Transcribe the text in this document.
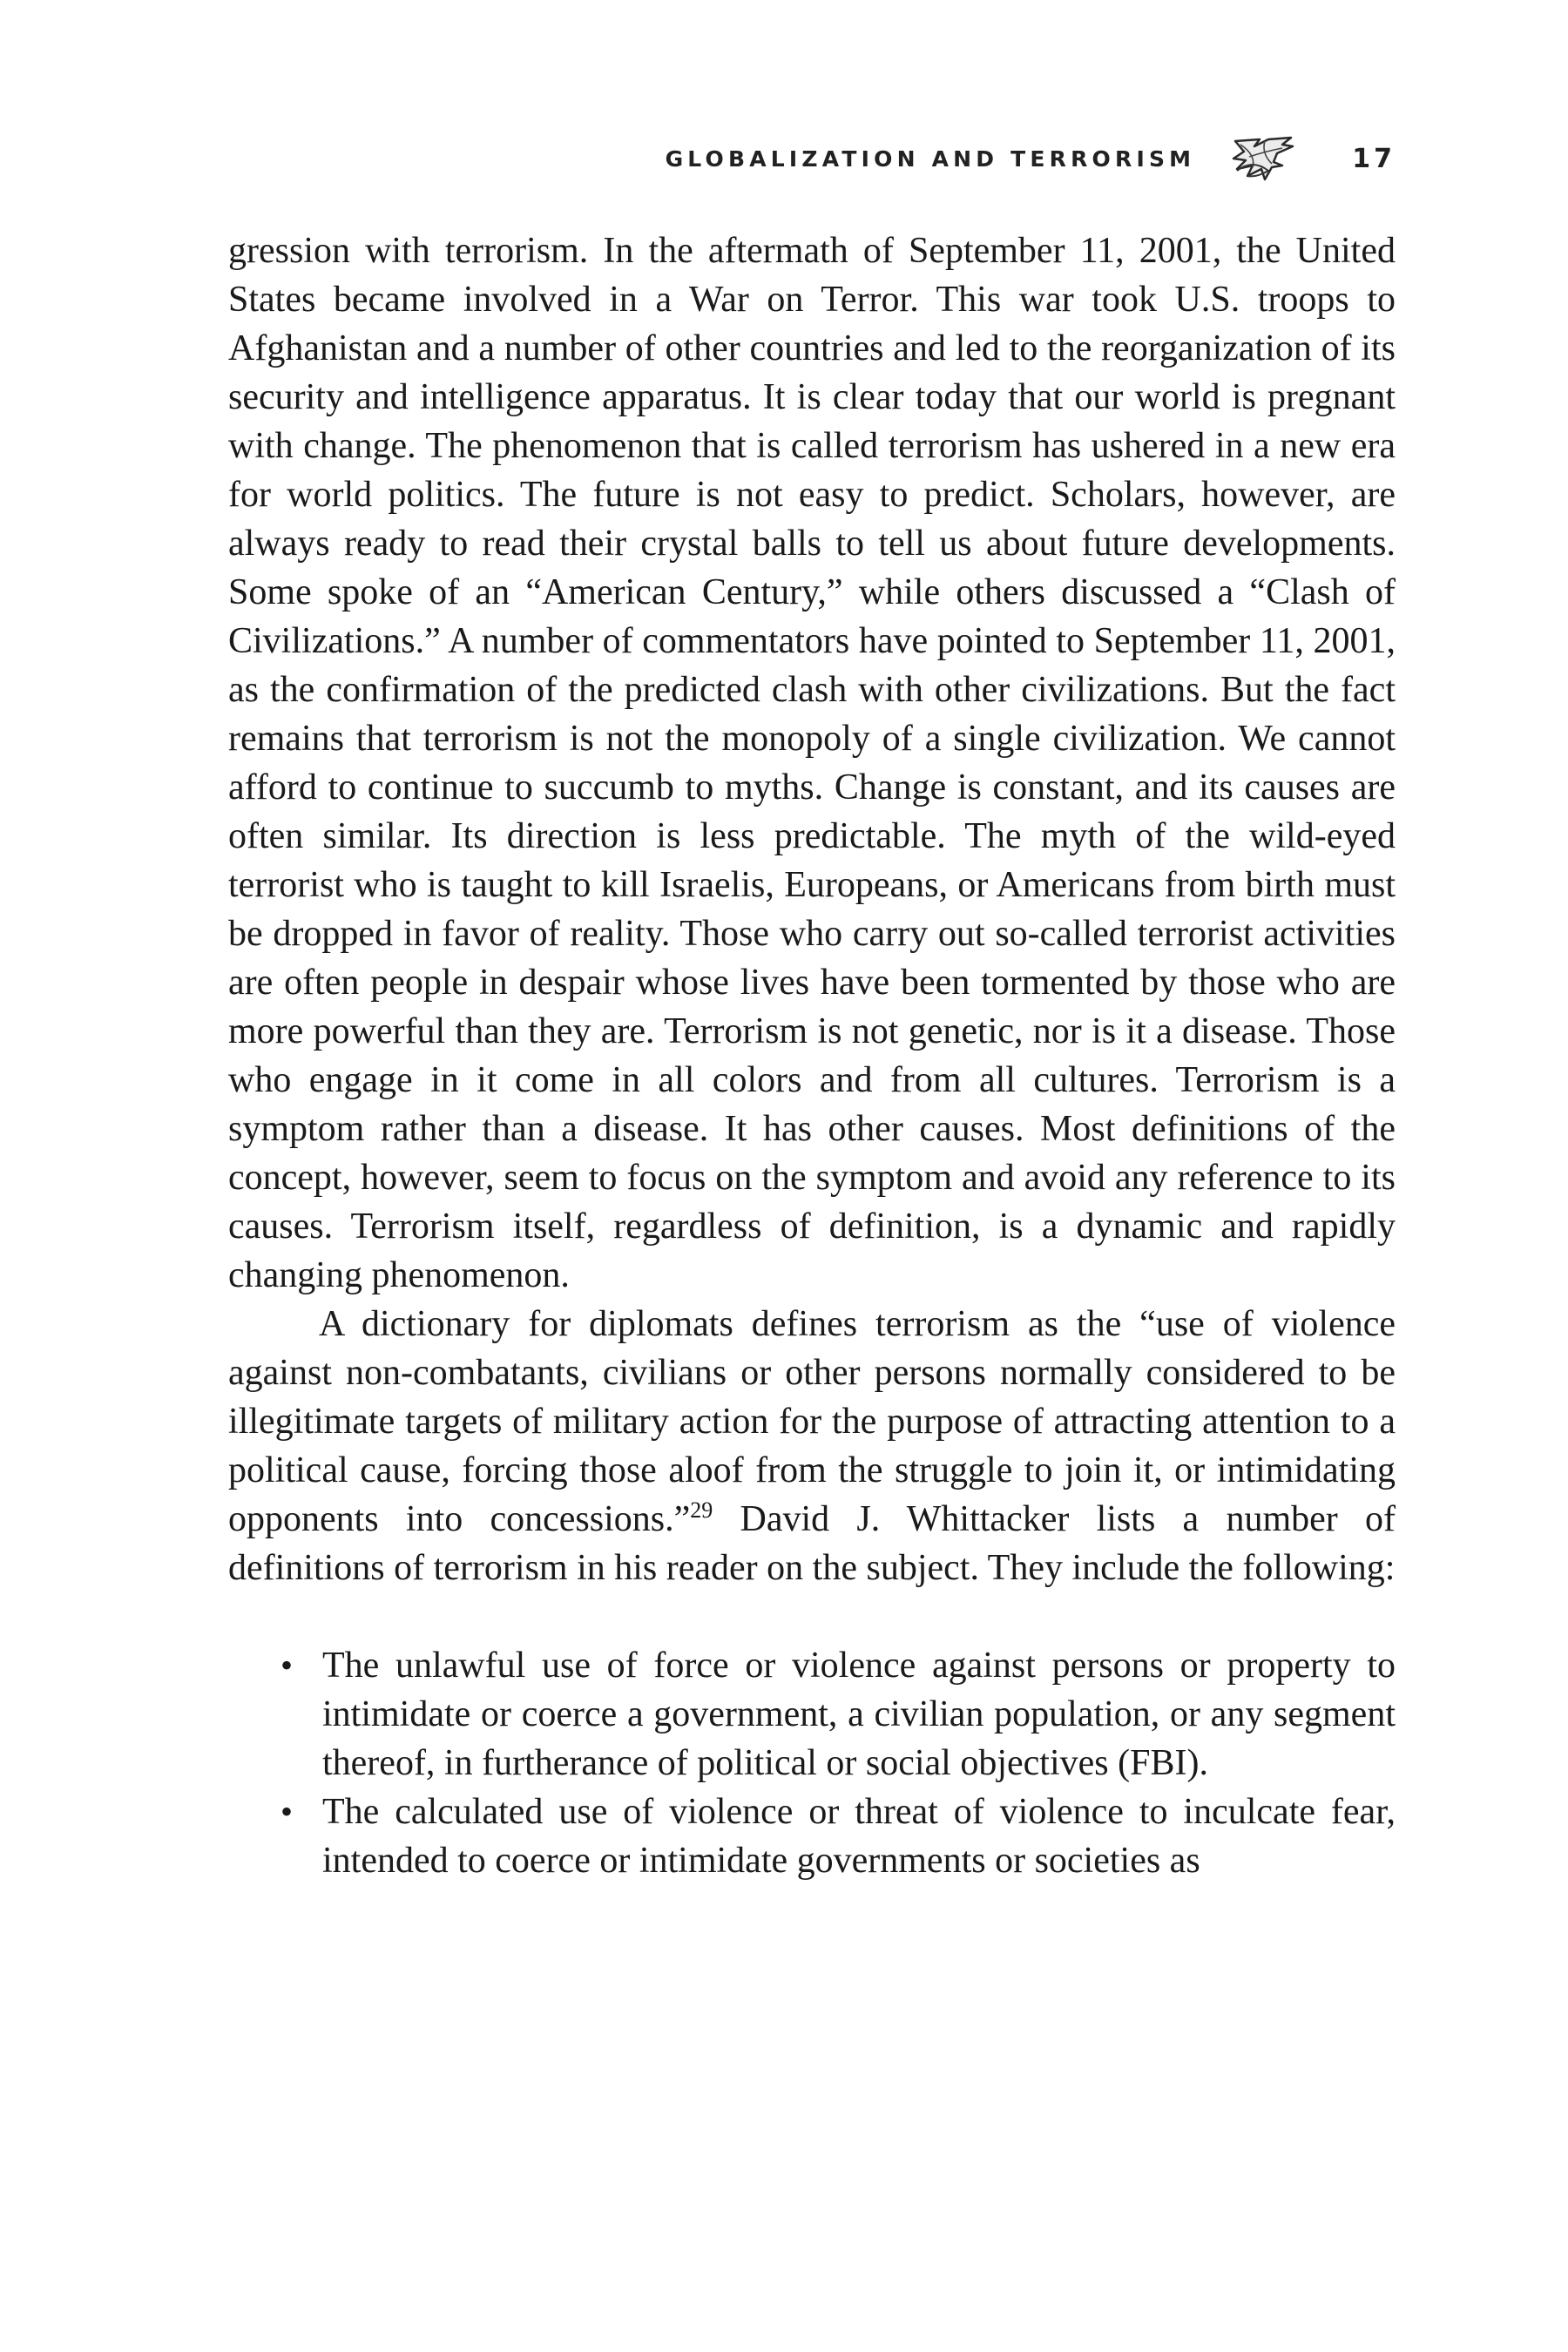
GLOBALIZATION AND TERRORISM	17

gression with terrorism. In the aftermath of September 11, 2001, the United States became involved in a War on Terror. This war took U.S. troops to Afghanistan and a number of other countries and led to the reorganization of its security and intelligence apparatus. It is clear today that our world is pregnant with change. The phenomenon that is called terrorism has ushered in a new era for world politics. The future is not easy to predict. Scholars, however, are always ready to read their crystal balls to tell us about future developments. Some spoke of an “American Century,” while others discussed a “Clash of Civilizations.” A number of commentators have pointed to September 11, 2001, as the confirmation of the predicted clash with other civilizations. But the fact remains that terrorism is not the monopoly of a single civilization. We cannot afford to continue to succumb to myths. Change is constant, and its causes are often similar. Its direction is less predictable. The myth of the wild-eyed terrorist who is taught to kill Israelis, Europeans, or Americans from birth must be dropped in favor of reality. Those who carry out so-called terrorist activities are often people in despair whose lives have been tormented by those who are more powerful than they are. Terrorism is not genetic, nor is it a disease. Those who engage in it come in all colors and from all cultures. Terrorism is a symptom rather than a disease. It has other causes. Most definitions of the concept, however, seem to focus on the symptom and avoid any reference to its causes. Terrorism itself, regardless of definition, is a dynamic and rapidly changing phenomenon.

A dictionary for diplomats defines terrorism as the “use of violence against non-combatants, civilians or other persons normally considered to be illegitimate targets of military action for the purpose of attracting attention to a political cause, forcing those aloof from the struggle to join it, or intimidating opponents into concessions.”$^{29}$ David J. Whittacker lists a number of definitions of terrorism in his reader on the subject. They include the following:

• The unlawful use of force or violence against persons or property to intimidate or coerce a government, a civilian population, or any segment thereof, in furtherance of political or social objectives (FBI).
• The calculated use of violence or threat of violence to inculcate fear, intended to coerce or intimidate governments or societies as
